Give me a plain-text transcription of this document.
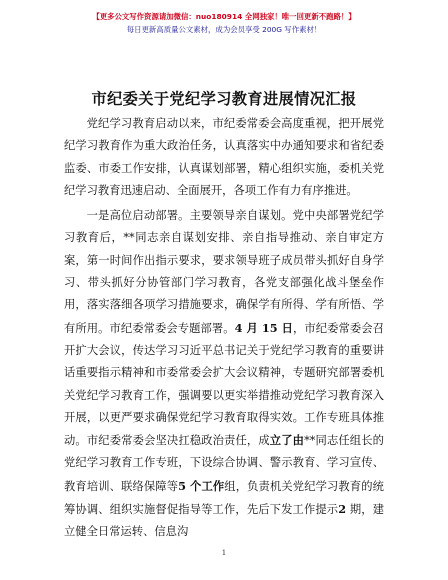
【更多公文写作资源请加微信：nuo180914 全网独家！唯一回更新不跑路！】
每日更新高质量公文素材，成为会员享受 200G 写作素材！
市纪委关于党纪学习教育进展情况汇报

党纪学习教育启动以来，市纪委常委会高度重视，把开展党纪学习教育作为重大政治任务，认真落实中办通知要求和省纪委监委、市委工作安排，认真谋划部署，精心组织实施，委机关党纪学习教育迅速启动、全面展开，各项工作有力有序推进。

一是高位启动部署。主要领导亲自谋划。党中央部署党纪学习教育后，**同志亲自谋划安排、亲自指导推动、亲自审定方案，第一时间作出指示要求，要求领导班子成员带头抓好自身学习、带头抓好分协管部门学习教育，各党支部强化战斗堡垒作用，落实落细各项学习措施要求，确保学有所得、学有所悟、学有所用。市纪委常委会专题部署。4 月 15 日，市纪委常委会召开扩大会议，传达学习习近平总书记关于党纪学习教育的重要讲话重要指示精神和市委常委会扩大会议精神，专题研究部署委机关党纪学习教育工作，强调要以更实举措推动党纪学习教育深入开展，以更严要求确保党纪学习教育取得实效。工作专班具体推动。市纪委常委会坚决扛稳政治责任，成立了由**同志任组长的党纪学习教育工作专班，下设综合协调、警示教育、学习宣传、教育培训、联络保障等5 个工作组，负责机关党纪学习教育的统筹协调、组织实施督促指导等工作，先后下发工作提示2 期，建立健全日常运转、信息沟

1
